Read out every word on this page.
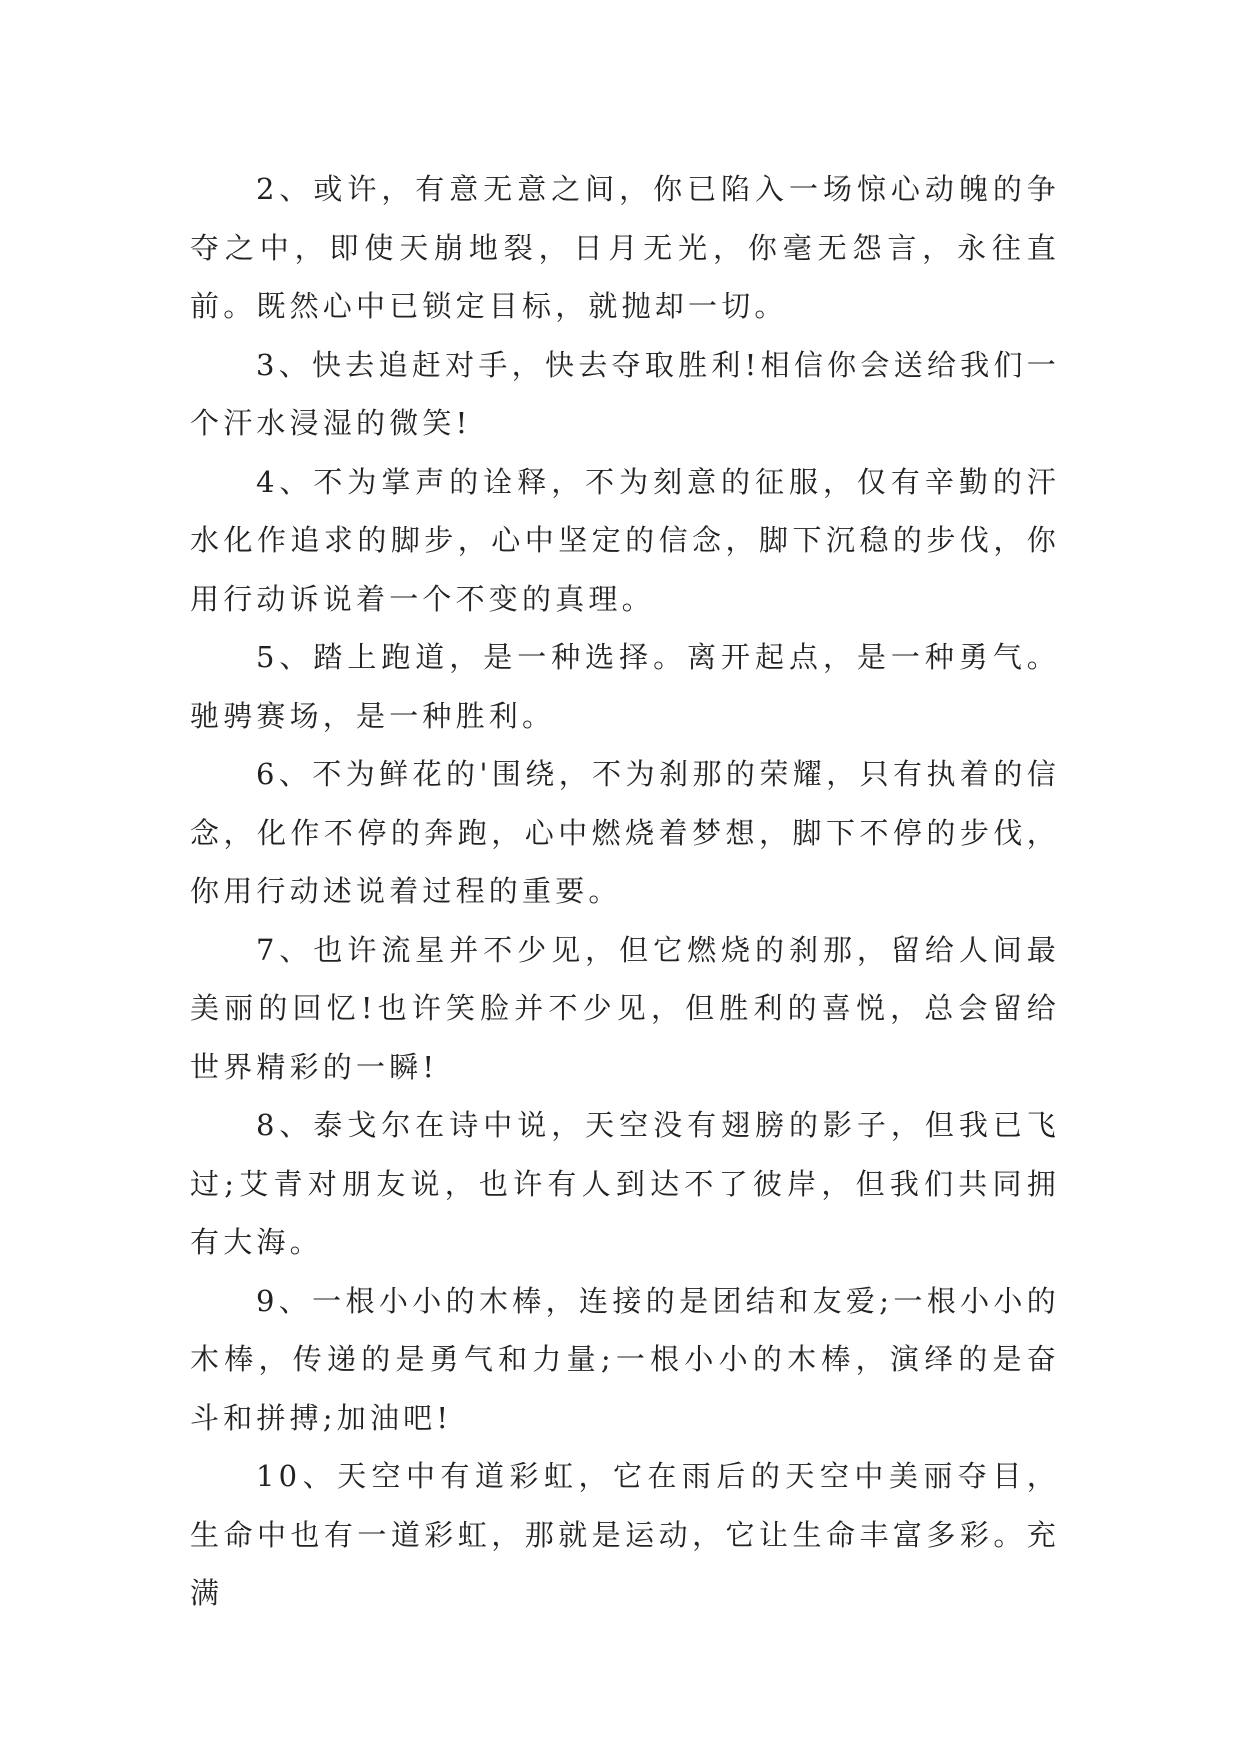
2、或许，有意无意之间，你已陷入一场惊心动魄的争夺之中，即使天崩地裂，日月无光，你毫无怨言，永往直前。既然心中已锁定目标，就抛却一切。

3、快去追赶对手，快去夺取胜利!相信你会送给我们一个汗水浸湿的微笑!

4、不为掌声的诠释，不为刻意的征服，仅有辛勤的汗水化作追求的脚步，心中坚定的信念，脚下沉稳的步伐，你用行动诉说着一个不变的真理。

5、踏上跑道，是一种选择。离开起点，是一种勇气。驰骋赛场，是一种胜利。

6、不为鲜花的'围绕，不为刹那的荣耀，只有执着的信念，化作不停的奔跑，心中燃烧着梦想，脚下不停的步伐，你用行动述说着过程的重要。

7、也许流星并不少见，但它燃烧的刹那，留给人间最美丽的回忆!也许笑脸并不少见，但胜利的喜悦，总会留给世界精彩的一瞬!

8、泰戈尔在诗中说，天空没有翅膀的影子，但我已飞过;艾青对朋友说，也许有人到达不了彼岸，但我们共同拥有大海。

9、一根小小的木棒，连接的是团结和友爱;一根小小的木棒，传递的是勇气和力量;一根小小的木棒，演绎的是奋斗和拼搏;加油吧!

10、天空中有道彩虹，它在雨后的天空中美丽夺目，生命中也有一道彩虹，那就是运动，它让生命丰富多彩。充满
